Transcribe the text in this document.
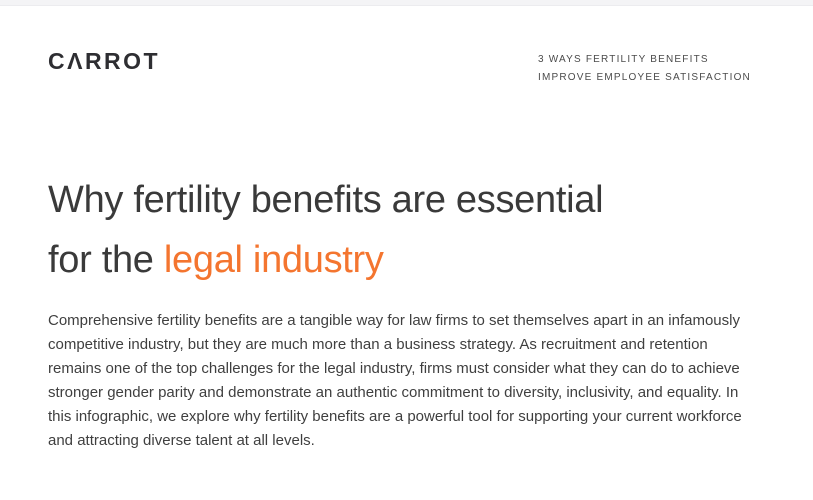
CΛRROT	3 WAYS FERTILITY BENEFITS
IMPROVE EMPLOYEE SATISFACTION
Why fertility benefits are essential
for the legal industry

Comprehensive fertility benefits are a tangible way for law firms to set themselves apart in an infamously competitive industry, but they are much more than a business strategy. As recruitment and retention remains one of the top challenges for the legal industry, firms must consider what they can do to achieve stronger gender parity and demonstrate an authentic commitment to diversity, inclusivity, and equality. In this infographic, we explore why fertility benefits are a powerful tool for supporting your current workforce and attracting diverse talent at all levels.
